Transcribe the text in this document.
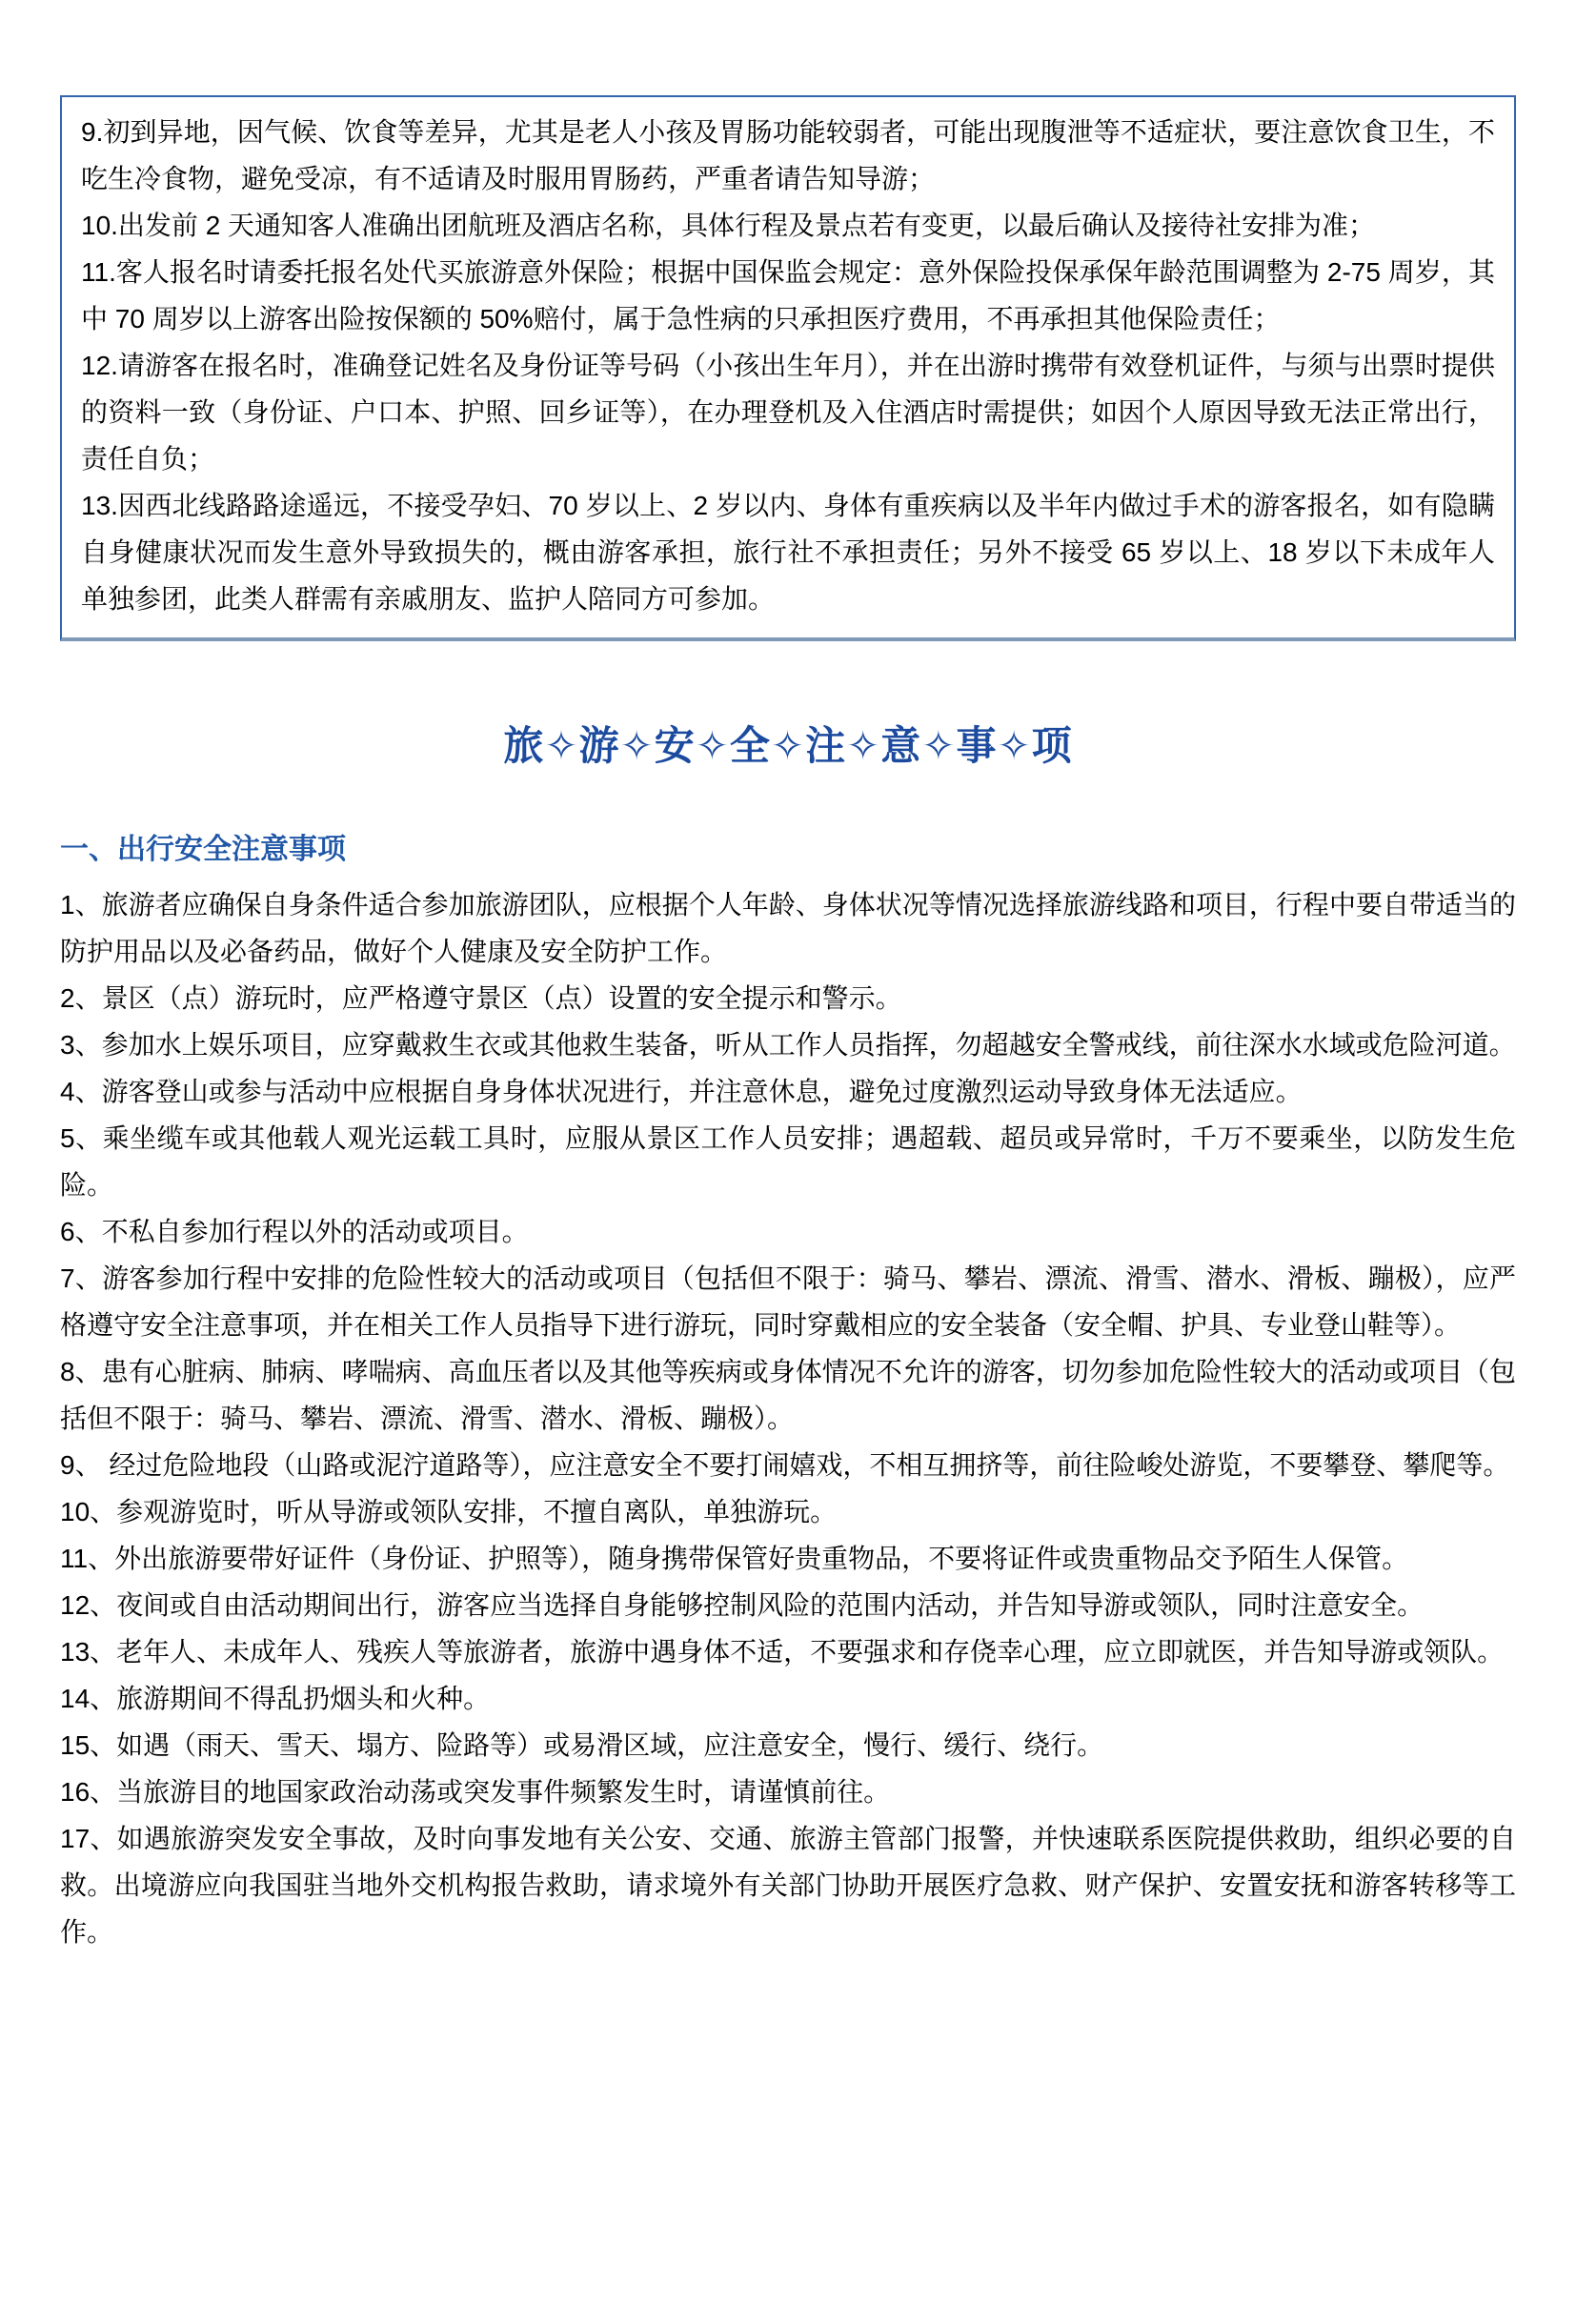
9.初到异地，因气候、饮食等差异，尤其是老人小孩及胃肠功能较弱者，可能出现腹泄等不适症状，要注意饮食卫生，不吃生冷食物，避免受凉，有不适请及时服用胃肠药，严重者请告知导游；

10.出发前 2 天通知客人准确出团航班及酒店名称，具体行程及景点若有变更，以最后确认及接待社安排为准；

11.客人报名时请委托报名处代买旅游意外保险；根据中国保监会规定：意外保险投保承保年龄范围调整为 2-75 周岁，其中 70 周岁以上游客出险按保额的 50%赔付，属于急性病的只承担医疗费用，不再承担其他保险责任；

12.请游客在报名时，准确登记姓名及身份证等号码（小孩出生年月），并在出游时携带有效登机证件，与须与出票时提供的资料一致（身份证、户口本、护照、回乡证等），在办理登机及入住酒店时需提供；如因个人原因导致无法正常出行，责任自负；

13.因西北线路路途遥远，不接受孕妇、70 岁以上、2 岁以内、身体有重疾病以及半年内做过手术的游客报名，如有隐瞒自身健康状况而发生意外导致损失的，概由游客承担，旅行社不承担责任；另外不接受 65 岁以上、18 岁以下未成年人单独参团，此类人群需有亲戚朋友、监护人陪同方可参加。

旅✧游✧安✧全✧注✧意✧事✧项
一、出行安全注意事项

1、旅游者应确保自身条件适合参加旅游团队，应根据个人年龄、身体状况等情况选择旅游线路和项目，行程中要自带适当的防护用品以及必备药品，做好个人健康及安全防护工作。

2、景区（点）游玩时，应严格遵守景区（点）设置的安全提示和警示。

3、参加水上娱乐项目，应穿戴救生衣或其他救生装备，听从工作人员指挥，勿超越安全警戒线，前往深水水域或危险河道。

4、游客登山或参与活动中应根据自身身体状况进行，并注意休息，避免过度激烈运动导致身体无法适应。

5、乘坐缆车或其他载人观光运载工具时，应服从景区工作人员安排；遇超载、超员或异常时，千万不要乘坐，以防发生危险。

6、不私自参加行程以外的活动或项目。

7、游客参加行程中安排的危险性较大的活动或项目（包括但不限于：骑马、攀岩、漂流、滑雪、潜水、滑板、蹦极），应严格遵守安全注意事项，并在相关工作人员指导下进行游玩，同时穿戴相应的安全装备（安全帽、护具、专业登山鞋等）。

8、患有心脏病、肺病、哮喘病、高血压者以及其他等疾病或身体情况不允许的游客，切勿参加危险性较大的活动或项目（包括但不限于：骑马、攀岩、漂流、滑雪、潜水、滑板、蹦极）。

9、 经过危险地段（山路或泥泞道路等），应注意安全不要打闹嬉戏，不相互拥挤等，前往险峻处游览，不要攀登、攀爬等。

10、参观游览时，听从导游或领队安排，不擅自离队，单独游玩。

11、外出旅游要带好证件（身份证、护照等），随身携带保管好贵重物品，不要将证件或贵重物品交予陌生人保管。

12、夜间或自由活动期间出行，游客应当选择自身能够控制风险的范围内活动，并告知导游或领队，同时注意安全。

13、老年人、未成年人、残疾人等旅游者，旅游中遇身体不适，不要强求和存侥幸心理，应立即就医，并告知导游或领队。

14、旅游期间不得乱扔烟头和火种。

15、如遇（雨天、雪天、塌方、险路等）或易滑区域，应注意安全，慢行、缓行、绕行。

16、当旅游目的地国家政治动荡或突发事件频繁发生时，请谨慎前往。

17、如遇旅游突发安全事故，及时向事发地有关公安、交通、旅游主管部门报警，并快速联系医院提供救助，组织必要的自救。出境游应向我国驻当地外交机构报告救助，请求境外有关部门协助开展医疗急救、财产保护、安置安抚和游客转移等工作。
